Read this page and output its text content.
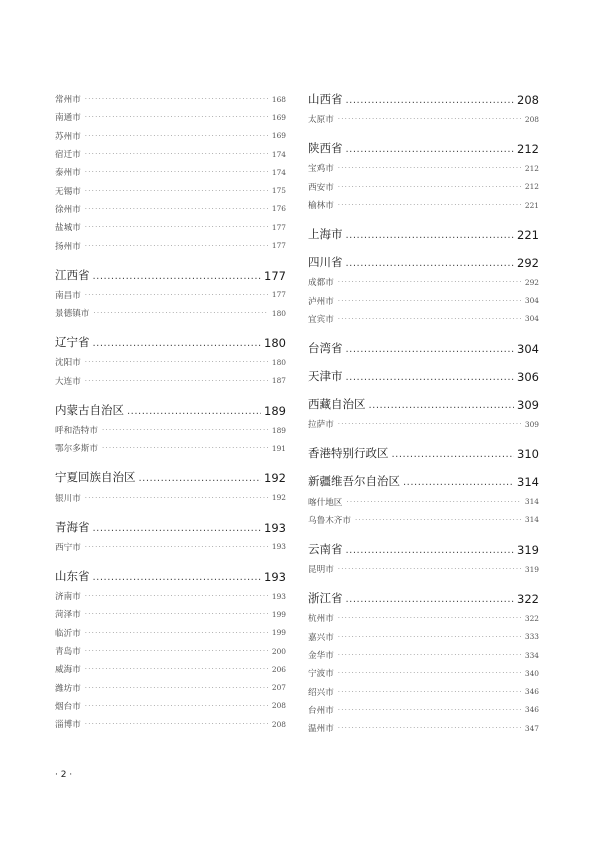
常州市 ·····	168
南通市 ·····	169
苏州市 ·····	169
宿迁市 ·····	174
泰州市 ·····	174
无锡市 ·····	175
徐州市 ·····	176
盐城市 ·····	177
扬州市 ·····	177
江西省 .....	177
南昌市 ·····	177
景德镇市 ·····	180
辽宁省 .....	180
沈阳市 ·····	180
大连市 ·····	187
内蒙古自治区 .....	189
呼和浩特市 ·····	189
鄂尔多斯市 ·····	191
宁夏回族自治区 .....	192
银川市 ·····	192
青海省 .....	193
西宁市 ·····	193
山东省 .....	193
济南市 ·····	193
菏泽市 ·····	199
临沂市 ·····	199
青岛市 ·····	200
威海市 ·····	206
潍坊市 ·····	207
烟台市 ·····	208
淄博市 ·····	208
山西省 .....	208
太原市 ·····	208
陕西省 .....	212
宝鸡市 ·····	212
西安市 ·····	212
榆林市 ·····	221
上海市 .....	221
四川省 .....	292
成都市 ·····	292
泸州市 ·····	304
宜宾市 ·····	304
台湾省 .....	304
天津市 .....	306
西藏自治区 .....	309
拉萨市 ·····	309
香港特别行政区 .....	310
新疆维吾尔自治区 .....	314
喀什地区 ·····	314
乌鲁木齐市 ·····	314
云南省 .....	319
昆明市 ·····	319
浙江省 .....	322
杭州市 ·····	322
嘉兴市 ·····	333
金华市 ·····	334
宁波市 ·····	340
绍兴市 ·····	346
台州市 ·····	346
温州市 ·····	347
· 2 ·
